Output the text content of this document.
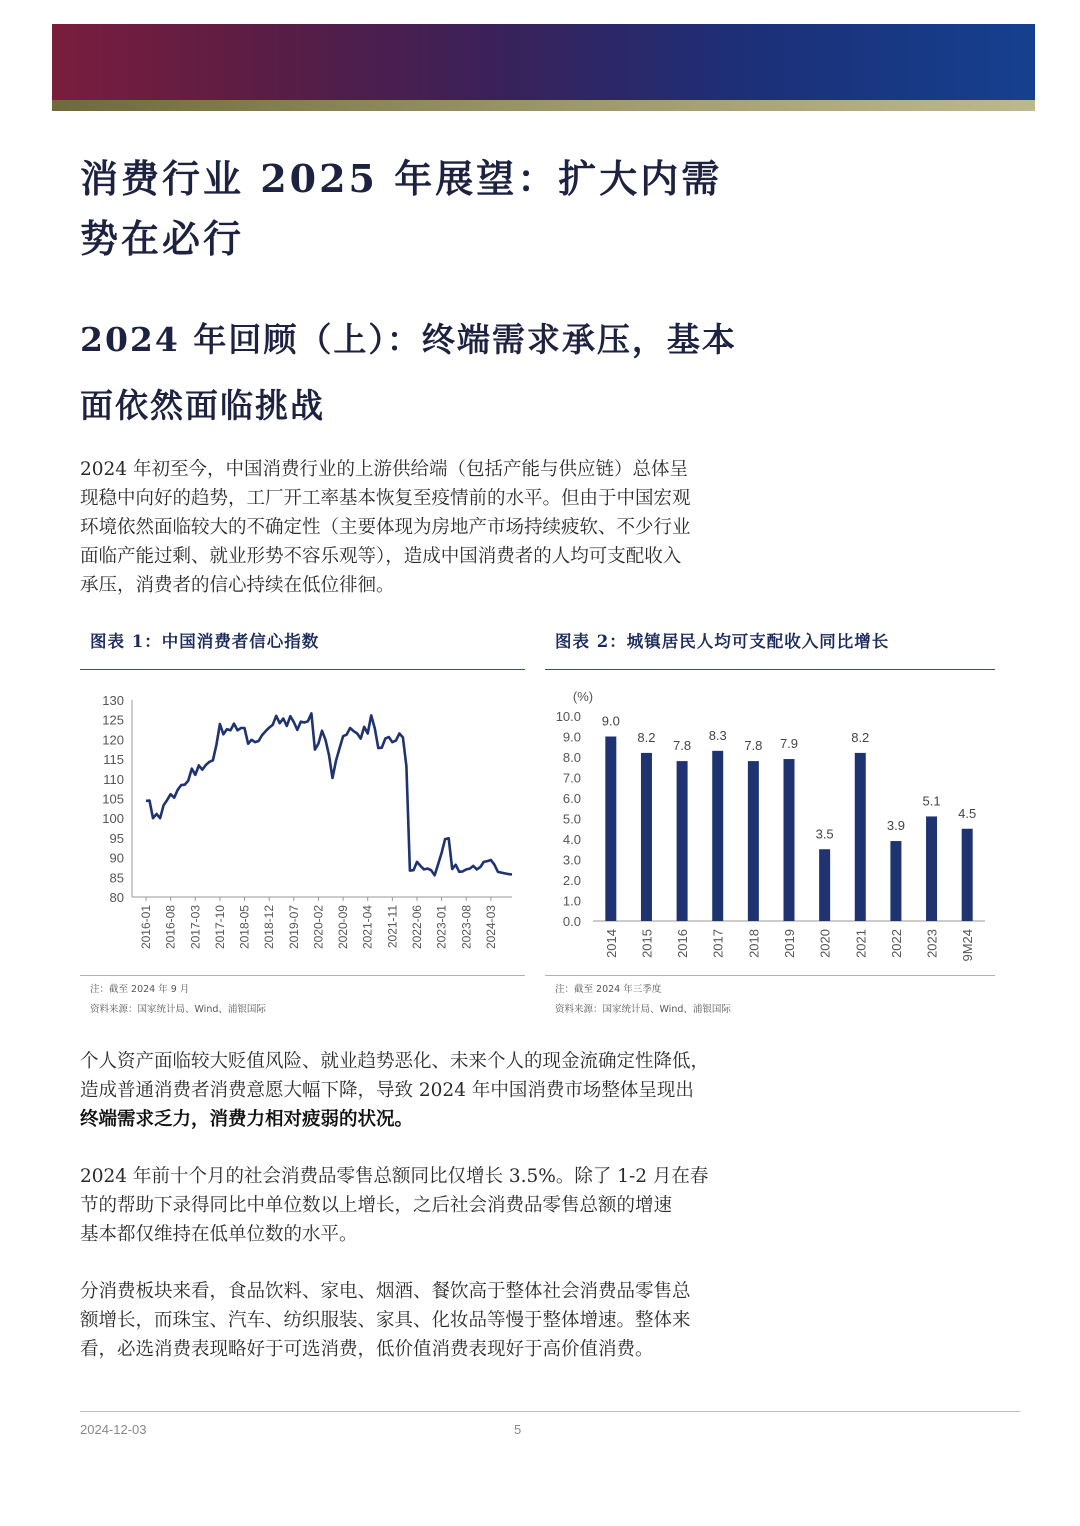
消费行业 2025 年展望：扩大内需
势在必行
2024 年回顾（上）：终端需求承压，基本
面依然面临挑战
2024 年初至今，中国消费行业的上游供给端（包括产能与供应链）总体呈
现稳中向好的趋势，工厂开工率基本恢复至疫情前的水平。但由于中国宏观
环境依然面临较大的不确定性（主要体现为房地产市场持续疲软、不少行业
面临产能过剩、就业形势不容乐观等），造成中国消费者的人均可支配收入
承压，消费者的信心持续在低位徘徊。
图表 1：中国消费者信心指数
130
125
120
115
110
105
100
95
90
85
80
2016-01 2016-08 2017-03 2017-10 2018-05 2018-12 2019-07 2020-02 2020-09 2021-04 2021-11 2022-06 2023-01 2023-08 2024-03
注：截至 2024 年 9 月
资料来源：国家统计局、Wind、浦银国际
图表 2：城镇居民人均可支配收入同比增长
(%)
10.0
9.0
8.0
7.0
6.0
5.0
4.0
3.0
2.0
1.0
0.0
9.0
2014
8.2
2015
7.8
2016
8.3
2017
7.8
2018
7.9
2019
3.5
2020
8.2
2021
3.9
2022
5.1
2023
4.5
9M24
注：截至 2024 年三季度
资料来源：国家统计局、Wind、浦银国际
个人资产面临较大贬值风险、就业趋势恶化、未来个人的现金流确定性降低，
造成普通消费者消费意愿大幅下降，导致 2024 年中国消费市场整体呈现出
终端需求乏力，消费力相对疲弱的状况。
2024 年前十个月的社会消费品零售总额同比仅增长 3.5%。除了 1-2 月在春
节的帮助下录得同比中单位数以上增长，之后社会消费品零售总额的增速
基本都仅维持在低单位数的水平。
分消费板块来看，食品饮料、家电、烟酒、餐饮高于整体社会消费品零售总
额增长，而珠宝、汽车、纺织服装、家具、化妆品等慢于整体增速。整体来
看，必选消费表现略好于可选消费，低价值消费表现好于高价值消费。
2024-12-03	5
